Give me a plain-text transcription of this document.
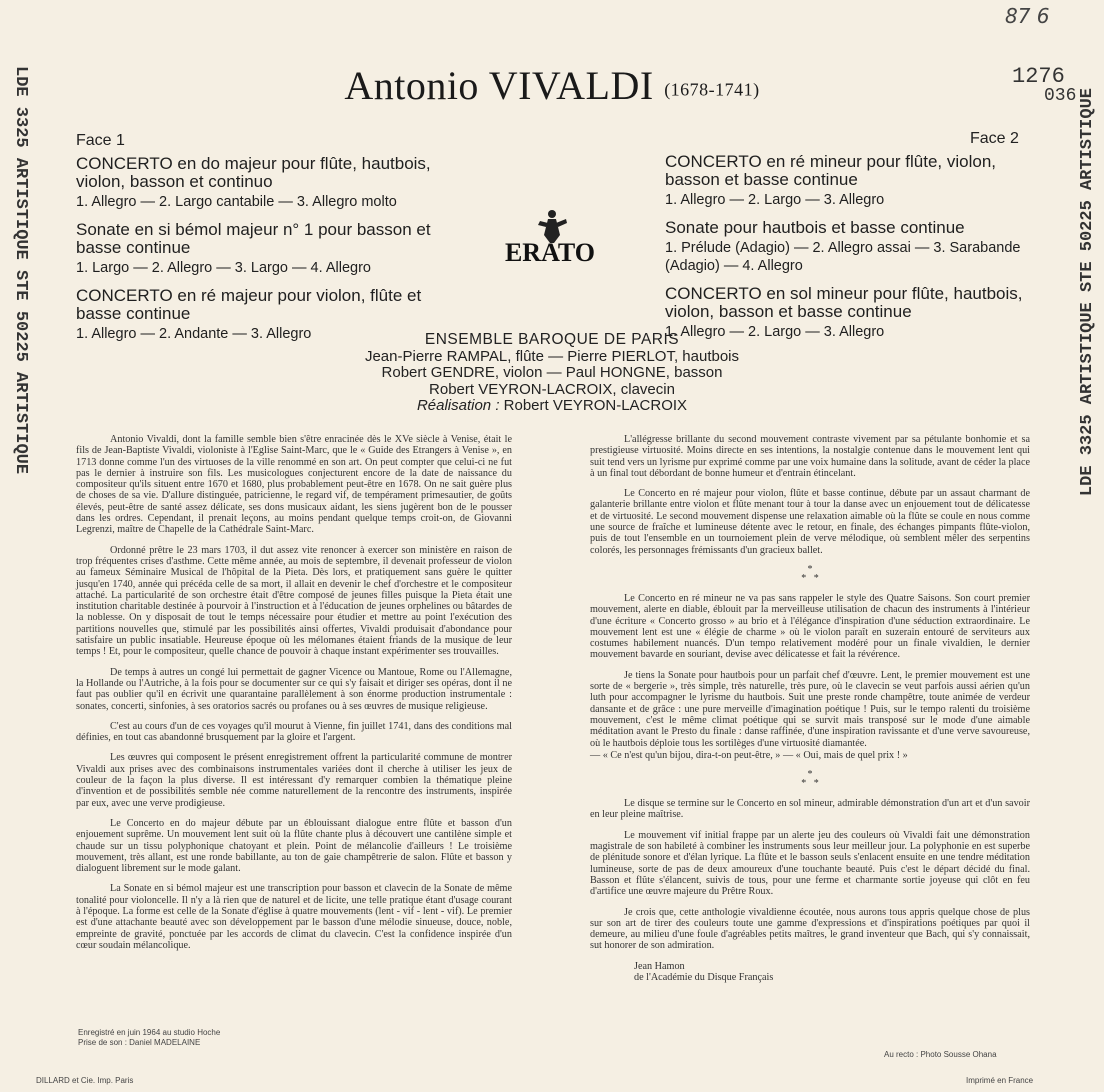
87 6
LDE 3325 ARTISTIQUE STE 50225 ARTISTIQUE	LDE 3325 ARTISTIQUE STE 50225 ARTISTIQUE
Antonio VIVALDI (1678-1741)
1276
036
Face 1	Face 2
CONCERTO en do majeur pour flûte, hautbois, violon, basson et continuo
1. Allegro — 2. Largo cantabile — 3. Allegro molto
Sonate en si bémol majeur n° 1 pour basson et basse continue
1. Largo — 2. Allegro — 3. Largo — 4. Allegro
CONCERTO en ré majeur pour violon, flûte et basse continue
1. Allegro — 2. Andante — 3. Allegro
ERATO
CONCERTO en ré mineur pour flûte, violon, basson et basse continue
1. Allegro — 2. Largo — 3. Allegro
Sonate pour hautbois et basse continue
1. Prélude (Adagio) — 2. Allegro assai — 3. Sarabande (Adagio) — 4. Allegro
CONCERTO en sol mineur pour flûte, hautbois, violon, basson et basse continue
1. Allegro — 2. Largo — 3. Allegro
ENSEMBLE BAROQUE DE PARIS
Jean-Pierre RAMPAL, flûte — Pierre PIERLOT, hautbois
Robert GENDRE, violon — Paul HONGNE, basson
Robert VEYRON-LACROIX, clavecin
Réalisation : Robert VEYRON-LACROIX

Antonio Vivaldi, dont la famille semble bien s'être enracinée dès le XVe siècle à Venise, était le fils de Jean-Baptiste Vivaldi, violoniste à l'Eglise Saint-Marc, que le « Guide des Etrangers à Venise », en 1713 donne comme l'un des virtuoses de la ville renommé en son art. On peut compter que celui-ci ne fut pas le dernier à instruire son fils. Les musicologues conjecturent encore de la date de naissance du compositeur qu'ils situent entre 1670 et 1680, plus probablement peut-être en 1678. On ne sait guère plus de choses de sa vie. D'allure distinguée, patricienne, le regard vif, de tempérament primesautier, de goûts élevés, peut-être de santé assez délicate, ses dons musicaux aidant, les siens jugèrent bon de le pousser dans les ordres. Cependant, il prenait leçons, au moins pendant quelque temps croit-on, de Giovanni Legrenzi, maître de Chapelle de la Cathédrale Saint-Marc.

Ordonné prêtre le 23 mars 1703, il dut assez vite renoncer à exercer son ministère en raison de trop fréquentes crises d'asthme. Cette même année, au mois de septembre, il devenait professeur de violon au fameux Séminaire Musical de l'hôpital de la Pieta. Dès lors, et pratiquement sans guère le quitter jusqu'en 1740, année qui précéda celle de sa mort, il allait en devenir le chef d'orchestre et le compositeur attaché. La particularité de son orchestre était d'être composé de jeunes filles puisque la Pieta était une institution charitable destinée à pourvoir à l'instruction et à l'éducation de jeunes orphelines ou bâtardes de la noblesse. On y disposait de tout le temps nécessaire pour étudier et mettre au point l'exécution des partitions nouvelles que, stimulé par les possibilités ainsi offertes, Vivaldi produisait d'abondance pour satisfaire un public insatiable. Heureuse époque où les mélomanes étaient friands de la musique de leur temps ! Et, pour le compositeur, quelle chance de pouvoir à chaque instant expérimenter ses trouvailles.

De temps à autres un congé lui permettait de gagner Vicence ou Mantoue, Rome ou l'Allemagne, la Hollande ou l'Autriche, à la fois pour se documenter sur ce qui s'y faisait et diriger ses opéras, dont il ne faut pas oublier qu'il en écrivit une quarantaine parallèlement à son énorme production instrumentale : sonates, concerti, sinfonies, à ses oratorios sacrés ou profanes ou à ses œuvres de musique religieuse.

C'est au cours d'un de ces voyages qu'il mourut à Vienne, fin juillet 1741, dans des conditions mal définies, en tout cas abandonné brusquement par la gloire et l'argent.

Les œuvres qui composent le présent enregistrement offrent la particularité commune de montrer Vivaldi aux prises avec des combinaisons instrumentales variées dont il cherche à utiliser les jeux de couleur de la façon la plus diverse. Il est intéressant d'y remarquer combien la thématique pleine d'invention et de possibilités semble née comme naturellement de la rencontre des instruments, inspirée par eux, avec une verve prodigieuse.

Le Concerto en do majeur débute par un éblouissant dialogue entre flûte et basson d'un enjouement suprême. Un mouvement lent suit où la flûte chante plus à découvert une cantilène simple et chaude sur un tissu polyphonique chatoyant et plein. Point de mélancolie d'ailleurs ! Le troisième mouvement, très allant, est une ronde babillante, au ton de gaie champêtrerie de salon. Flûte et basson y dialoguent librement sur le mode galant.

La Sonate en si bémol majeur est une transcription pour basson et clavecin de la Sonate de même tonalité pour violoncelle. Il n'y a là rien que de naturel et de licite, une telle pratique étant d'usage courant à l'époque. La forme est celle de la Sonate d'église à quatre mouvements (lent - vif - lent - vif). Le premier est d'une attachante beauté avec son développement par le basson d'une mélodie sinueuse, douce, noble, empreinte de gravité, ponctuée par les accords de climat du clavecin. C'est la confidence inspirée d'un cœur soudain mélancolique.

L'allégresse brillante du second mouvement contraste vivement par sa pétulante bonhomie et sa prestigieuse virtuosité. Moins directe en ses intentions, la nostalgie contenue dans le mouvement lent qui suit tend vers un lyrisme pur exprimé comme par une voix humaine dans la solitude, avant de céder la place à un final tout débordant de bonne humeur et d'entrain étincelant.

Le Concerto en ré majeur pour violon, flûte et basse continue, débute par un assaut charmant de galanterie brillante entre violon et flûte menant tour à tour la danse avec un enjouement tout de délicatesse et de virtuosité. Le second mouvement dispense une relaxation aimable où la flûte se coule en nous comme une source de fraîche et lumineuse détente avec le retour, en finale, des échanges pimpants flûte-violon, puis de tout l'ensemble en un tournoiement plein de verve mélodique, où semblent mêler des serpentins colorés, les personnages frémissants d'un gracieux ballet.

*
*   *

Le Concerto en ré mineur ne va pas sans rappeler le style des Quatre Saisons. Son court premier mouvement, alerte en diable, éblouit par la merveilleuse utilisation de chacun des instruments à l'intérieur d'une écriture « Concerto grosso » au brio et à l'élégance d'inspiration d'une séduction extraordinaire. Le mouvement lent est une « élégie de charme » où le violon paraît en suzerain entouré de serviteurs aux costumes habilement nuancés. D'un tempo relativement modéré pour un finale vivaldien, le dernier mouvement bavarde en souriant, devise avec délicatesse et fait la révérence.

Je tiens la Sonate pour hautbois pour un parfait chef d'œuvre. Lent, le premier mouvement est une sorte de « bergerie », très simple, très naturelle, très pure, où le clavecin se veut parfois aussi aérien qu'un luth pour accompagner le lyrisme du hautbois. Suit une preste ronde champêtre, toute animée de verdeur dansante et de grâce : une pure merveille d'imagination poétique ! Puis, sur le tempo ralenti du troisième mouvement, c'est le même climat poétique qui se survit mais transposé sur le mode d'une aimable méditation avant le Presto du finale : danse raffinée, d'une inspiration ravissante et d'une verve savoureuse, où le hautbois déploie tous les sortilèges d'une virtuosité diamantée.

— « Ce n'est qu'un bijou, dira-t-on peut-être, » — « Oui, mais de quel prix ! »

*
*   *

Le disque se termine sur le Concerto en sol mineur, admirable démonstration d'un art et d'un savoir en leur pleine maîtrise.

Le mouvement vif initial frappe par un alerte jeu des couleurs où Vivaldi fait une démonstration magistrale de son habileté à combiner les instruments sous leur meilleur jour. La polyphonie en est superbe de plénitude sonore et d'élan lyrique. La flûte et le basson seuls s'enlacent ensuite en une tendre méditation lumineuse, sorte de pas de deux amoureux d'une touchante beauté. Puis c'est le départ décidé du final. Basson et flûte s'élancent, suivis de tous, pour une ferme et charmante sortie joyeuse qui clôt en feu d'artifice une œuvre majeure du Prêtre Roux.

Je crois que, cette anthologie vivaldienne écoutée, nous aurons tous appris quelque chose de plus sur son art de tirer des couleurs toute une gamme d'expressions et d'inspirations poétiques par quoi il demeure, au milieu d'une foule d'agréables petits maîtres, le grand inventeur que Bach, qui s'y connaissait, sut honorer de son admiration.

Jean Hamon
de l'Académie du Disque Français
Enregistré en juin 1964 au studio Hoche
Prise de son : Daniel MADELAINE
Au recto : Photo Sousse Ohana
DILLARD et Cie. Imp. Paris	Imprimé en France
